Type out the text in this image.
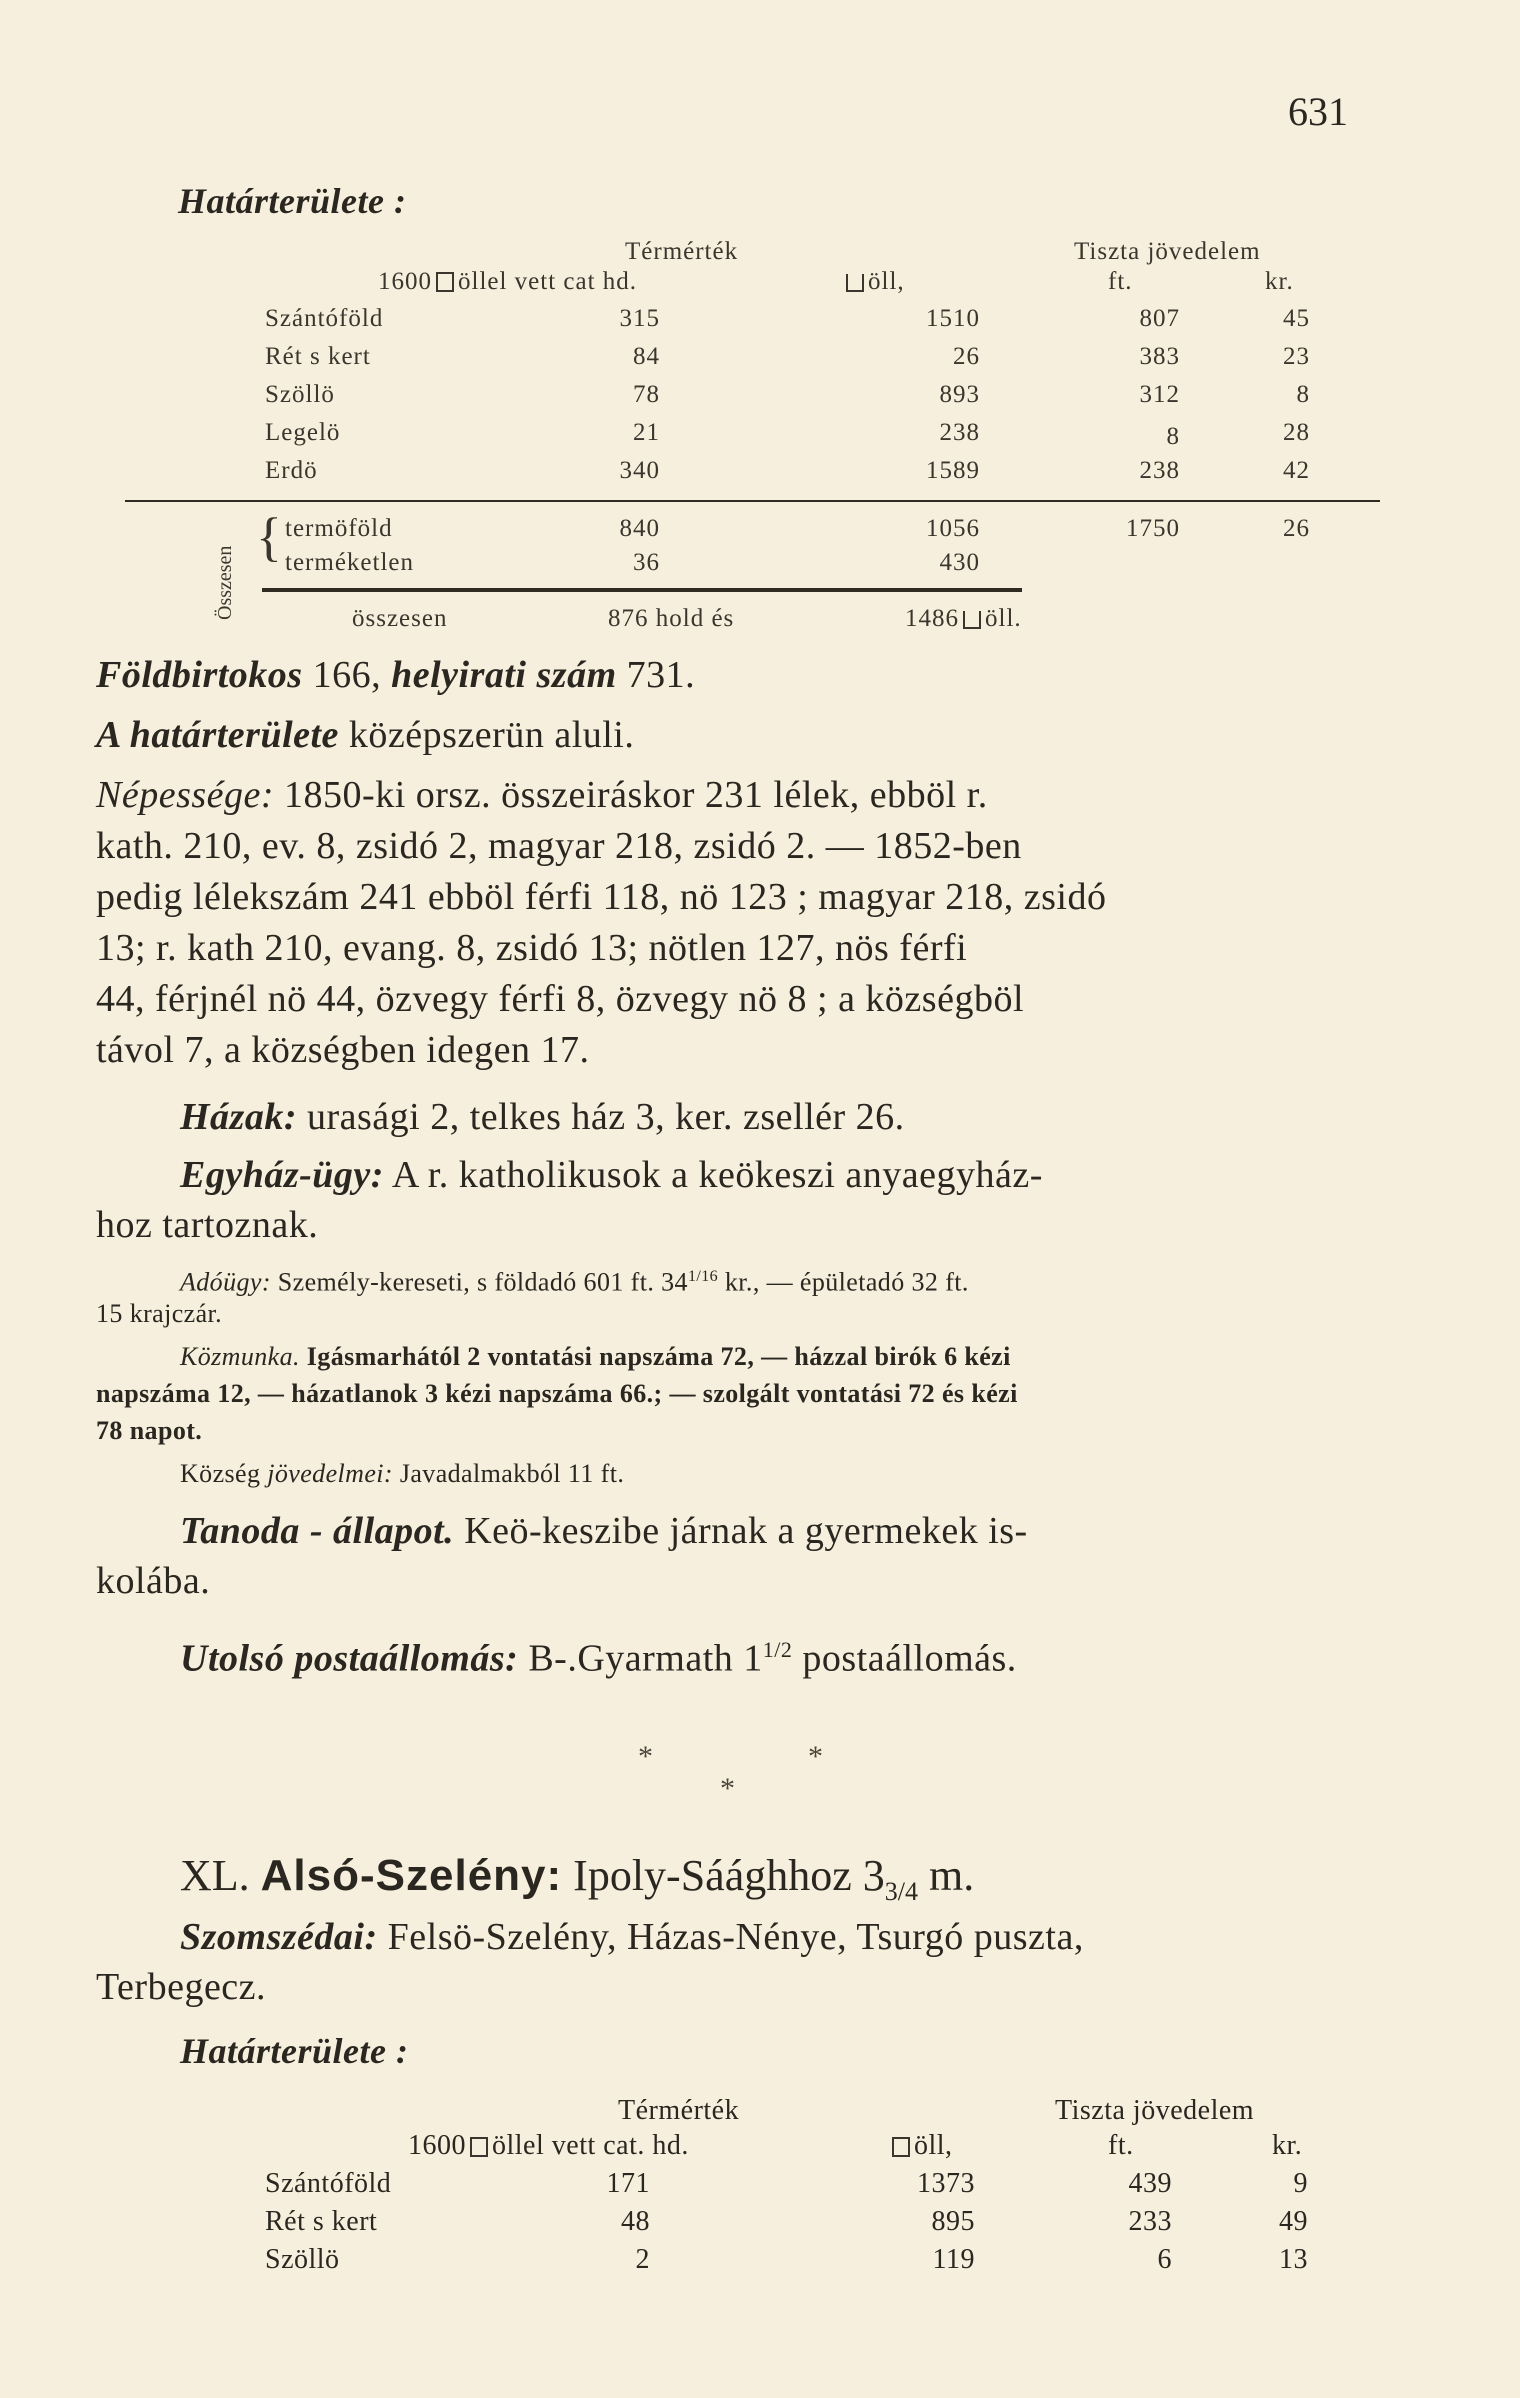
631
Határterülete :
Térmérték	Tiszta jövedelem
1600 öllel vett cat hd.	öll,	ft.	kr.
Szántóföld	315	1510	807	45
Rét s kert	84	26	383	23
Szöllö	78	893	312	8
Legelö	21	238	8	28
Erdö	340	1589	238	42
Összesen
{ termöföld	840	1056	1750	26
terméketlen	36	430
összesen	876 hold és	1486 öll.
Földbirtokos 166, helyirati szám 731.
A határterülete középszerün aluli.
Népessége: 1850-ki orsz. összeiráskor 231 lélek, ebböl r.
kath. 210, ev. 8, zsidó 2, magyar 218, zsidó 2. — 1852-ben
pedig lélekszám 241 ebböl férfi 118, nö 123 ; magyar 218, zsidó
13; r. kath 210, evang. 8, zsidó 13; nötlen 127, nös férfi
44, férjnél nö 44, özvegy férfi 8, özvegy nö 8 ; a községböl
távol 7, a községben idegen 17.
Házak: urasági 2, telkes ház 3, ker. zsellér 26.
Egyház-ügy: A r. katholikusok a keökeszi anyaegyház-
hoz tartoznak.
Adóügy: Személy-kereseti, s földadó 601 ft. $34^{1/16}$ kr., — épületadó 32 ft.
15 krajczár.
Közmunka. Igásmarhától 2 vontatási napszáma 72, — házzal birók 6 kézi
napszáma 12, — házatlanok 3 kézi napszáma 66.; — szolgált vontatási 72 és kézi
78 napot.
Község jövedelmei: Javadalmakból 11 ft.
Tanoda - állapot. Keö-keszibe járnak a gyermekek is-
kolába.
Utolsó postaállomás: B-.Gyarmath $1^{1/2}$ postaállomás.
*	*
*
XL. Alsó-Szelény: Ipoly-Sáághhoz $3_{3/4}$ m.
Szomszédai: Felsö-Szelény, Házas-Nénye, Tsurgó puszta,
Terbegecz.
Határterülete :
Térmérték	Tiszta jövedelem
1600 öllel vett cat. hd.	öll,	ft.	kr.
Szántóföld	171	1373	439	9
Rét s kert	48	895	233	49
Szöllö	2	119	6	13
